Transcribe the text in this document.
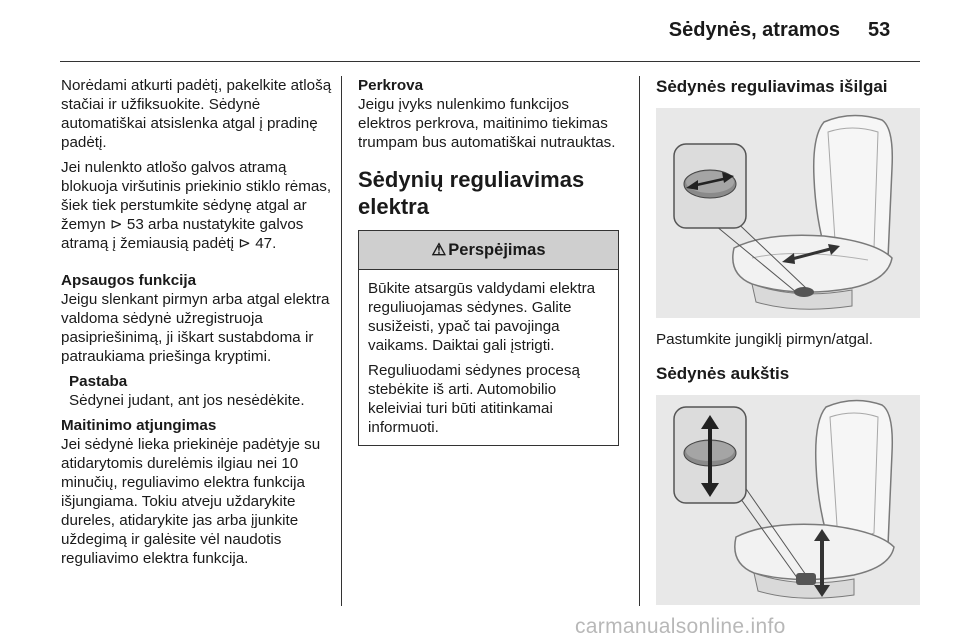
Sėdynės, atramos 53

Norėdami atkurti padėtį, pakelkite atlošą stačiai ir užfiksuokite. Sėdynė automatiškai atsislenka atgal į pradinę padėtį.

Jei nulenkto atlošo galvos atramą blokuoja viršutinis priekinio stiklo rėmas, šiek tiek perstumkite sėdynę atgal ar žemyn ⊳ 53 arba nustatykite galvos atramą į žemiausią padėtį ⊳ 47.

Apsaugos funkcija

Jeigu slenkant pirmyn arba atgal elektra valdoma sėdynė užregistruoja pasipriešinimą, ji iškart sustabdoma ir patraukiama priešinga kryptimi.

Pastaba

Sėdynei judant, ant jos nesėdėkite.

Maitinimo atjungimas

Jei sėdynė lieka priekinėje padėtyje su atidarytomis durelėmis ilgiau nei 10 minučių, reguliavimo elektra funkcija išjungiama. Tokiu atveju uždarykite dureles, atidarykite jas arba įjunkite uždegimą ir galėsite vėl naudotis reguliavimo elektra funkcija.

Perkrova

Jeigu įvyks nulenkimo funkcijos elektros perkrova, maitinimo tiekimas trumpam bus automatiškai nutrauktas.

Sėdynių reguliavimas elektra
⚠ Perspėjimas

Būkite atsargūs valdydami elektra reguliuojamas sėdynes. Galite susižeisti, ypač tai pavojinga vaikams. Daiktai gali įstrigti.

Reguliuodami sėdynes procesą stebėkite iš arti. Automobilio keleiviai turi būti atitinkamai informuoti.

Sėdynės reguliavimas išilgai

Pastumkite jungiklį pirmyn/atgal.

Sėdynės aukštis
carmanualsonline.info
